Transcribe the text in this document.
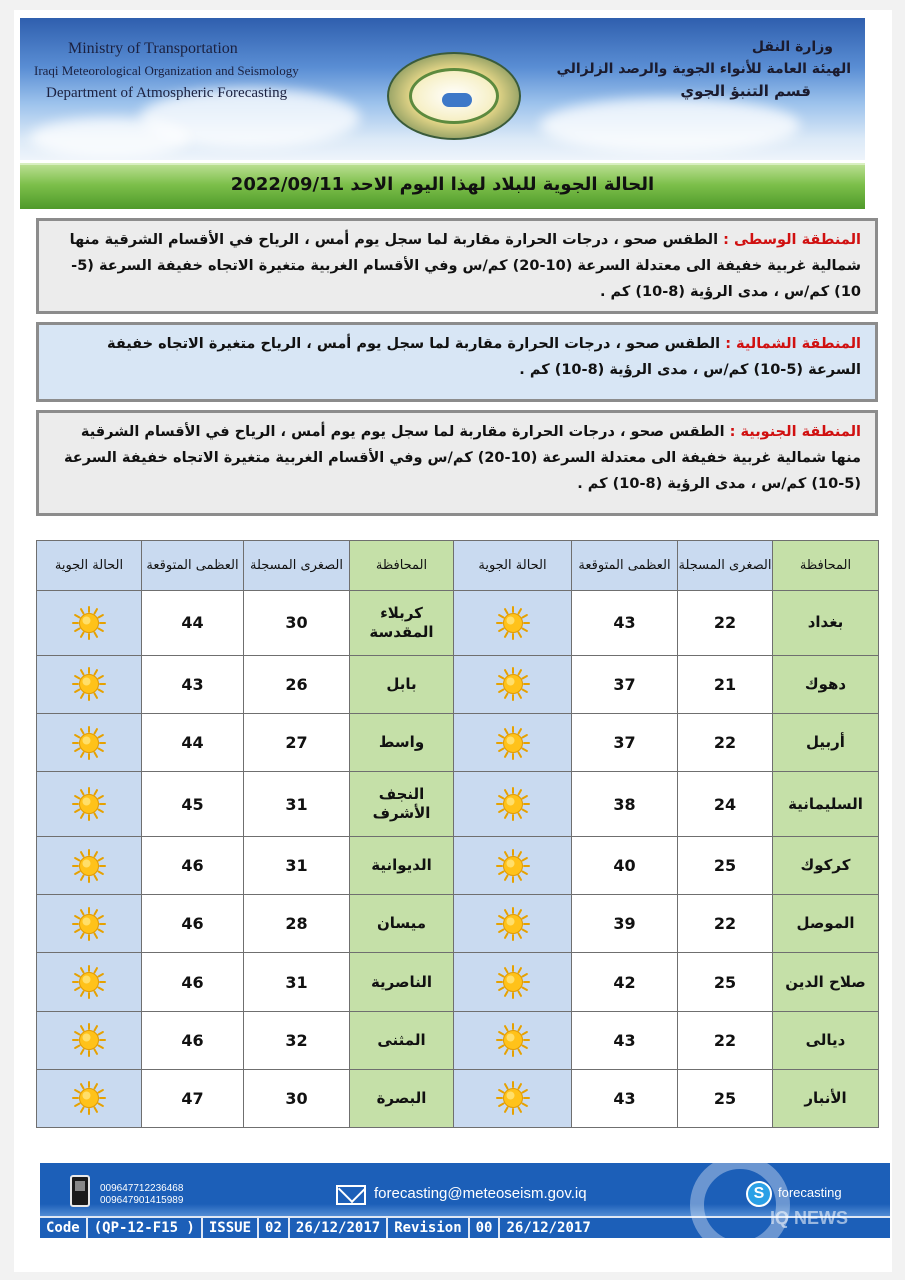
Ministry of Transportation
Iraqi Meteorological Organization and Seismology
Department of Atmospheric Forecasting
وزارة النقل
الهيئة العامة للأنواء الجوية والرصد الزلزالي
قسم التنبؤ الجوي
الحالة الجوية للبلاد لهذا اليوم الاحد 2022/09/11
المنطقة الوسطى : الطقس صحو ، درجات الحرارة مقاربة لما سجل يوم أمس ، الرياح في الأقسام الشرقية منها شمالية غربية خفيفة الى معتدلة السرعة (10-20) كم/س وفي الأقسام الغربية متغيرة الاتجاه خفيفة السرعة (5-10) كم/س ، مدى الرؤية (8-10) كم .
المنطقة الشمالية : الطقس صحو ، درجات الحرارة مقاربة لما سجل يوم أمس ، الرياح متغيرة الاتجاه خفيفة السرعة (5-10) كم/س ، مدى الرؤية (8-10) كم .
المنطقة الجنوبية : الطقس صحو ، درجات الحرارة مقاربة لما سجل يوم يوم أمس ، الرياح في الأقسام الشرقية منها شمالية غربية خفيفة الى معتدلة السرعة (10-20) كم/س وفي الأقسام الغربية متغيرة الاتجاه خفيفة السرعة (5-10) كم/س ، مدى الرؤية (8-10) كم .
المحافظة	الصغرى المسجلة	العظمى المتوقعة	الحالة الجوية	المحافظة	الصغرى المسجلة	العظمى المتوقعة	الحالة الجوية
بغداد	22	43		كربلاء المقدسة	30	44	
دهوك	21	37		بابل	26	43	
أربيل	22	37		واسط	27	44	
السليمانية	24	38		النجف الأشرف	31	45	
كركوك	25	40		الديوانية	31	46	
الموصل	22	39		ميسان	28	46	
صلاح الدين	25	42		الناصرية	31	46	
ديالى	22	43		المثنى	32	46	
الأنبار	25	43		البصرة	30	47	
009647712236468
009647901415989	forecasting@meteoseism.gov.iq	S	forecasting
Code	(QP-12-F15 )	ISSUE	02	26/12/2017	Revision	00	26/12/2017	IQ NEWS
